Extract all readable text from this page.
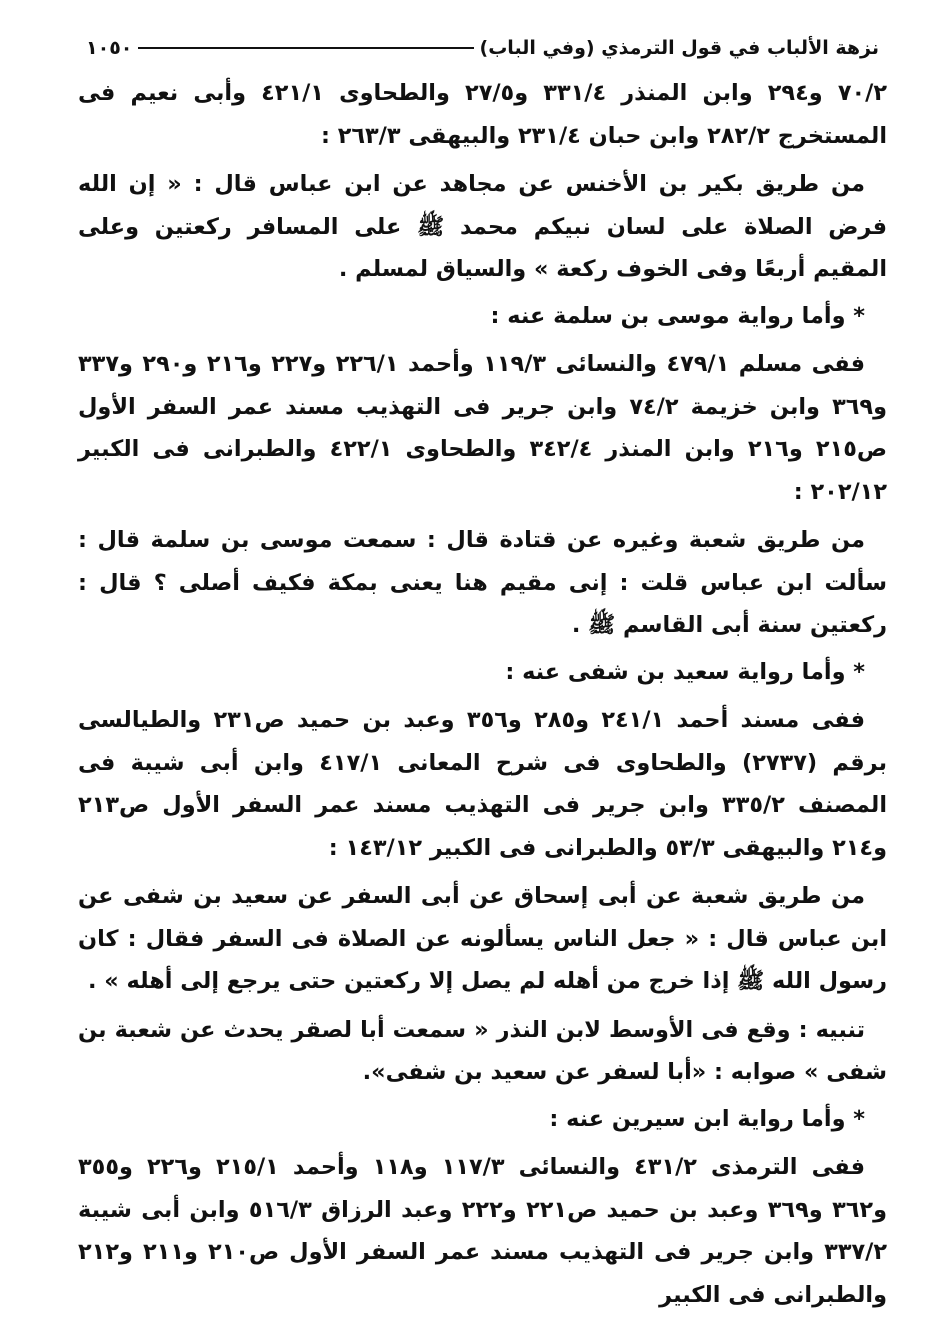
نزهة الألباب في قول الترمذي (وفي الباب)
١٠٥٠

٧٠/٢ و٢٩٤ وابن المنذر ٣٣١/٤ و٢٧/٥ والطحاوى ٤٢١/١ وأبى نعيم فى المستخرج ٢٨٢/٢ وابن حبان ٢٣١/٤ والبيهقى ٢٦٣/٣ :

من طريق بكير بن الأخنس عن مجاهد عن ابن عباس قال : « إن الله فرض الصلاة على لسان نبيكم محمد ﷺ على المسافر ركعتين وعلى المقيم أربعًا وفى الخوف ركعة » والسياق لمسلم .

* وأما رواية موسى بن سلمة عنه :

ففى مسلم ٤٧٩/١ والنسائى ١١٩/٣ وأحمد ٢٢٦/١ و٢٢٧ و٢١٦ و٢٩٠ و٣٣٧ و٣٦٩ وابن خزيمة ٧٤/٢ وابن جرير فى التهذيب مسند عمر السفر الأول ص٢١٥ و٢١٦ وابن المنذر ٣٤٢/٤ والطحاوى ٤٢٢/١ والطبرانى فى الكبير ٢٠٢/١٢ :

من طريق شعبة وغيره عن قتادة قال : سمعت موسى بن سلمة قال : سألت ابن عباس قلت : إنى مقيم هنا يعنى بمكة فكيف أصلى ؟ قال : ركعتين سنة أبى القاسم ﷺ .

* وأما رواية سعيد بن شفى عنه :

ففى مسند أحمد ٢٤١/١ و٢٨٥ و٣٥٦ وعبد بن حميد ص٢٣١ والطيالسى برقم (٢٧٣٧) والطحاوى فى شرح المعانى ٤١٧/١ وابن أبى شيبة فى المصنف ٣٣٥/٢ وابن جرير فى التهذيب مسند عمر السفر الأول ص٢١٣ و٢١٤ والبيهقى ٥٣/٣ والطبرانى فى الكبير ١٤٣/١٢ :

من طريق شعبة عن أبى إسحاق عن أبى السفر عن سعيد بن شفى عن ابن عباس قال : « جعل الناس يسألونه عن الصلاة فى السفر فقال : كان رسول الله ﷺ إذا خرج من أهله لم يصل إلا ركعتين حتى يرجع إلى أهله » .

تنبيه : وقع فى الأوسط لابن النذر « سمعت أبا لصقر يحدث عن شعبة بن شفى » صوابه : «أبا لسفر عن سعيد بن شفى».

* وأما رواية ابن سيرين عنه :

ففى الترمذى ٤٣١/٢ والنسائى ١١٧/٣ و١١٨ وأحمد ٢١٥/١ و٢٢٦ و٣٥٥ و٣٦٢ و٣٦٩ وعبد بن حميد ص٢٢١ و٢٢٢ وعبد الرزاق ٥١٦/٣ وابن أبى شيبة ٣٣٧/٢ وابن جرير فى التهذيب مسند عمر السفر الأول ص٢١٠ و٢١١ و٢١٢ والطبرانى فى الكبير
